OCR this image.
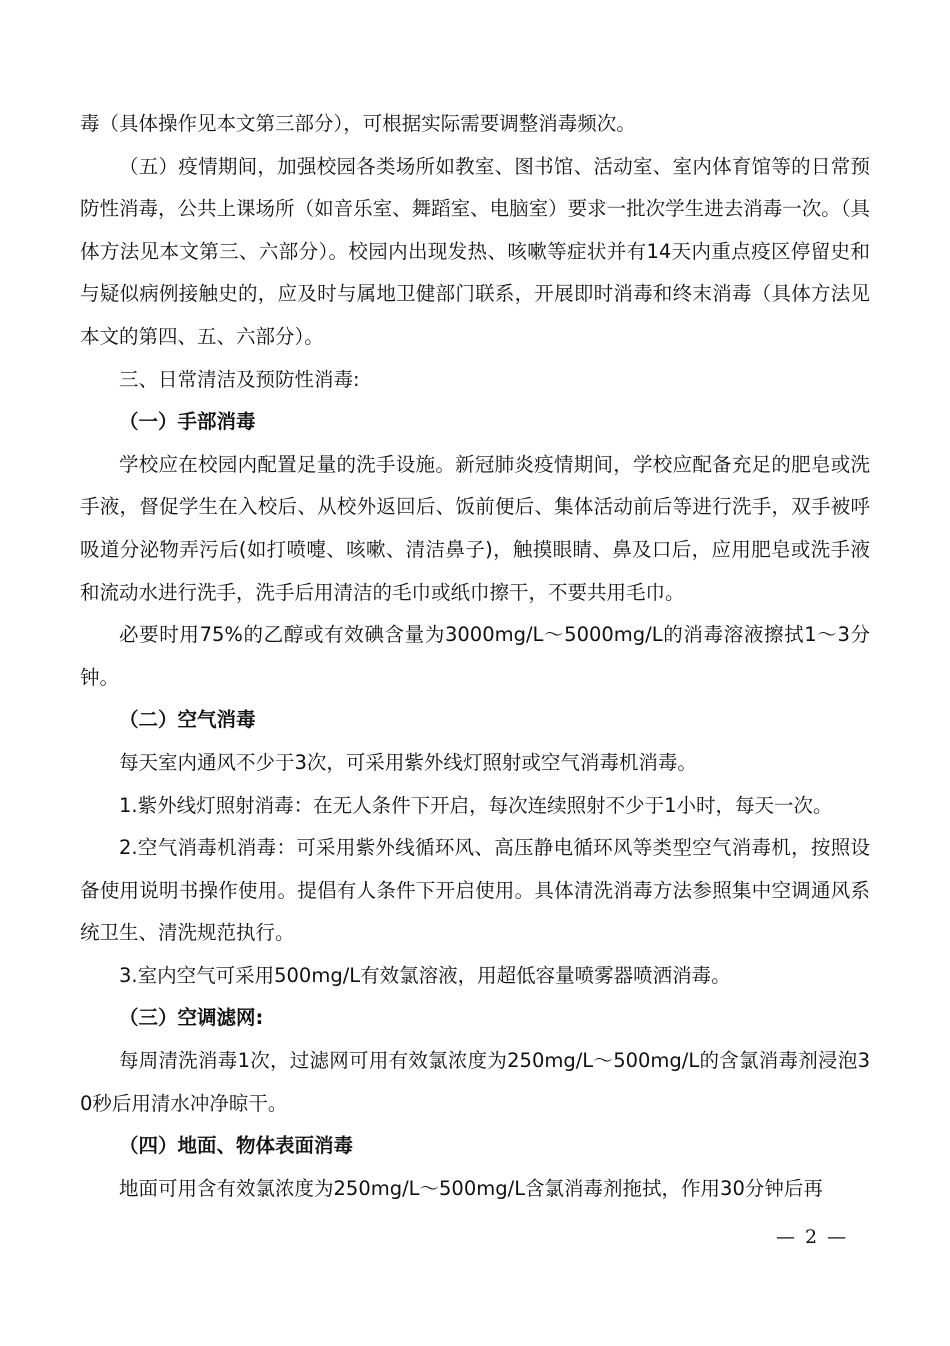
毒（具体操作见本文第三部分），可根据实际需要调整消毒频次。

（五）疫情期间，加强校园各类场所如教室、图书馆、活动室、室内体育馆等的日常预防性消毒，公共上课场所（如音乐室、舞蹈室、电脑室）要求一批次学生进去消毒一次。（具体方法见本文第三、六部分）。校园内出现发热、咳嗽等症状并有14天内重点疫区停留史和与疑似病例接触史的，应及时与属地卫健部门联系，开展即时消毒和终末消毒（具体方法见本文的第四、五、六部分）。

三、日常清洁及预防性消毒:

（一）手部消毒

学校应在校园内配置足量的洗手设施。新冠肺炎疫情期间，学校应配备充足的肥皂或洗手液，督促学生在入校后、从校外返回后、饭前便后、集体活动前后等进行洗手，双手被呼吸道分泌物弄污后(如打喷嚏、咳嗽、清洁鼻子)，触摸眼睛、鼻及口后，应用肥皂或洗手液和流动水进行洗手，洗手后用清洁的毛巾或纸巾擦干，不要共用毛巾。

必要时用75%的乙醇或有效碘含量为3000mg/L～5000mg/L的消毒溶液擦拭1～3分钟。

（二）空气消毒

每天室内通风不少于3次，可采用紫外线灯照射或空气消毒机消毒。

1.紫外线灯照射消毒：在无人条件下开启，每次连续照射不少于1小时，每天一次。

2.空气消毒机消毒：可采用紫外线循环风、高压静电循环风等类型空气消毒机，按照设备使用说明书操作使用。提倡有人条件下开启使用。具体清洗消毒方法参照集中空调通风系统卫生、清洗规范执行。

3.室内空气可采用500mg/L有效氯溶液，用超低容量喷雾器喷洒消毒。

（三）空调滤网:

每周清洗消毒1次，过滤网可用有效氯浓度为250mg/L～500mg/L的含氯消毒剂浸泡30秒后用清水冲净晾干。

（四）地面、物体表面消毒

地面可用含有效氯浓度为250mg/L～500mg/L含氯消毒剂拖拭，作用30分钟后再

— 2 —
